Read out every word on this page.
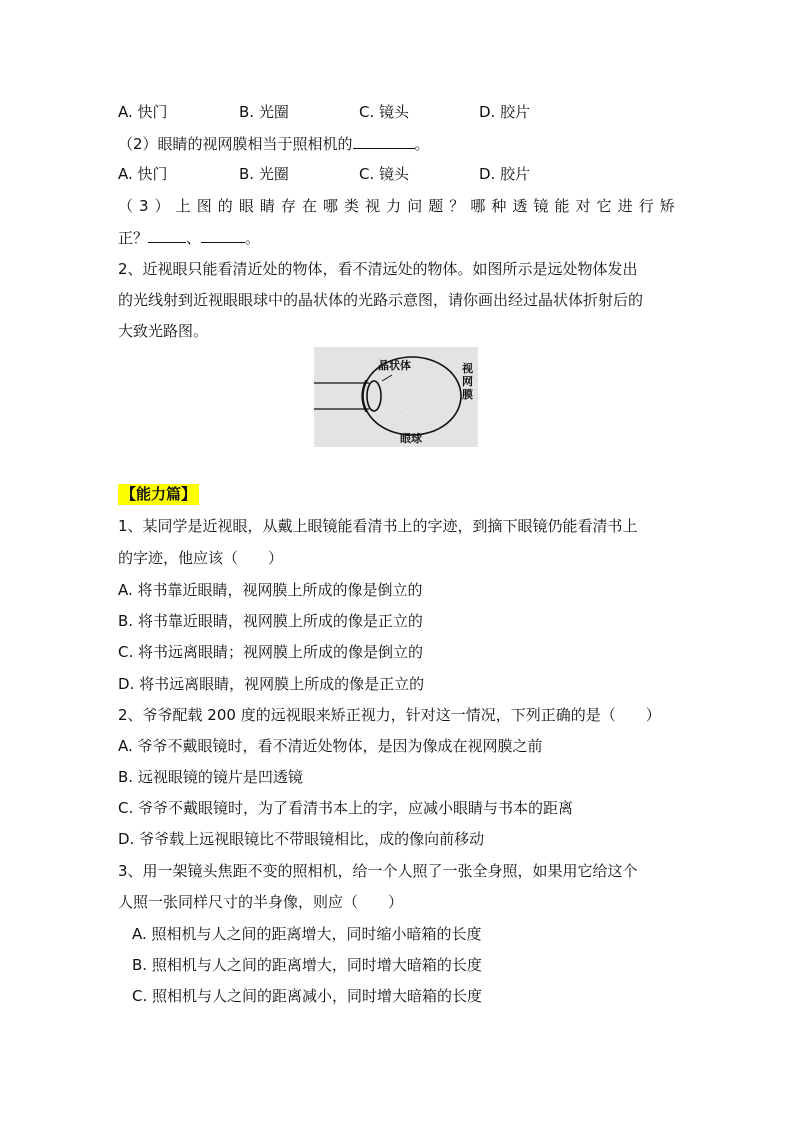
A. 快门	B. 光圈	C. 镜头	D. 胶片
（2）眼睛的视网膜相当于照相机的	。
A. 快门	B. 光圈	C. 镜头	D. 胶片
（ 3 ） 上 图 的 眼 睛 存 在 哪 类 视 力 问 题 ？ 哪 种 透 镜 能 对 它 进 行 矫
正？	、	。
2、近视眼只能看清近处的物体，看不清远处的物体。如图所示是远处物体发出
的光线射到近视眼眼球中的晶状体的光路示意图，请你画出经过晶状体折射后的
大致光路图。
.
晶状体	视
网
膜
眼球
【能力篇】
1、某同学是近视眼，从戴上眼镜能看清书上的字迹，到摘下眼镜仍能看清书上
的字迹，他应该（　　）
A. 将书靠近眼睛，视网膜上所成的像是倒立的
B. 将书靠近眼睛，视网膜上所成的像是正立的
C. 将书远离眼睛；视网膜上所成的像是倒立的
D. 将书远离眼睛，视网膜上所成的像是正立的
2、爷爷配载 200 度的远视眼来矫正视力，针对这一情况，下列正确的是（　　）
A. 爷爷不戴眼镜时，看不清近处物体，是因为像成在视网膜之前
B. 远视眼镜的镜片是凹透镜
C. 爷爷不戴眼镜时，为了看清书本上的字，应减小眼睛与书本的距离
D. 爷爷载上远视眼镜比不带眼镜相比，成的像向前移动
3、用一架镜头焦距不变的照相机，给一个人照了一张全身照，如果用它给这个
人照一张同样尺寸的半身像，则应（　　）
A. 照相机与人之间的距离增大，同时缩小暗箱的长度
B. 照相机与人之间的距离增大，同时增大暗箱的长度
C. 照相机与人之间的距离减小，同时增大暗箱的长度
